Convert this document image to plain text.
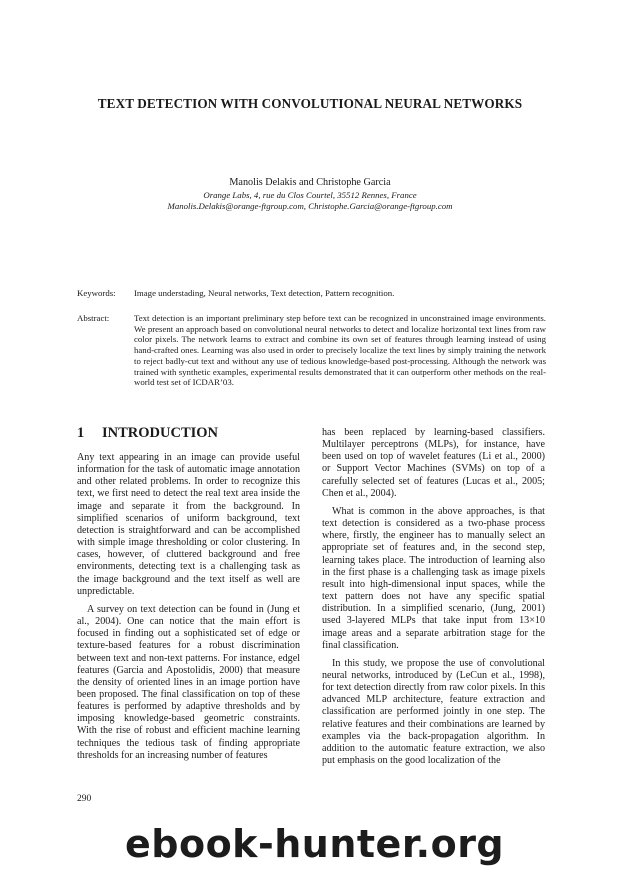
TEXT DETECTION WITH CONVOLUTIONAL NEURAL NETWORKS
Manolis Delakis and Christophe Garcia
Orange Labs, 4, rue du Clos Courtel, 35512 Rennes, France
Manolis.Delakis@orange-ftgroup.com, Christophe.Garcia@orange-ftgroup.com
Keywords: Image understading, Neural networks, Text detection, Pattern recognition.
Abstract:	Text detection is an important preliminary step before text can be recognized in unconstrained image environments. We present an approach based on convolutional neural networks to detect and localize horizontal text lines from raw color pixels. The network learns to extract and combine its own set of features through learning instead of using hand-crafted ones. Learning was also used in order to precisely localize the text lines by simply training the network to reject badly-cut text and without any use of tedious knowledge-based post-processing. Although the network was trained with synthetic examples, experimental results demonstrated that it can outperform other methods on the real-world test set of ICDAR’03.
1 INTRODUCTION

Any text appearing in an image can provide useful information for the task of automatic image annotation and other related problems. In order to recognize this text, we first need to detect the real text area inside the image and separate it from the background. In simplified scenarios of uniform background, text detection is straightforward and can be accomplished with simple image thresholding or color clustering. In cases, however, of cluttered background and free environments, detecting text is a challenging task as the image background and the text itself as well are unpredictable.

A survey on text detection can be found in (Jung et al., 2004). One can notice that the main effort is focused in finding out a sophisticated set of edge or texture-based features for a robust discrimination between text and non-text patterns. For instance, edgel features (Garcia and Apostolidis, 2000) that measure the density of oriented lines in an image portion have been proposed. The final classification on top of these features is performed by adaptive thresholds and by imposing knowledge-based geometric constraints. With the rise of robust and efficient machine learning techniques the tedious task of finding appropriate thresholds for an increasing number of features

has been replaced by learning-based classifiers. Multilayer perceptrons (MLPs), for instance, have been used on top of wavelet features (Li et al., 2000) or Support Vector Machines (SVMs) on top of a carefully selected set of features (Lucas et al., 2005; Chen et al., 2004).

What is common in the above approaches, is that text detection is considered as a two-phase process where, firstly, the engineer has to manually select an appropriate set of features and, in the second step, learning takes place. The introduction of learning also in the first phase is a challenging task as image pixels result into high-dimensional input spaces, while the text pattern does not have any specific spatial distribution. In a simplified scenario, (Jung, 2001) used 3-layered MLPs that take input from 13×10 image areas and a separate arbitration stage for the final classification.

In this study, we propose the use of convolutional neural networks, introduced by (LeCun et al., 1998), for text detection directly from raw color pixels. In this advanced MLP architecture, feature extraction and classification are performed jointly in one step. The relative features and their combinations are learned by examples via the back-propagation algorithm. In addition to the automatic feature extraction, we also put emphasis on the good localization of the

290
ebook-hunter.org
